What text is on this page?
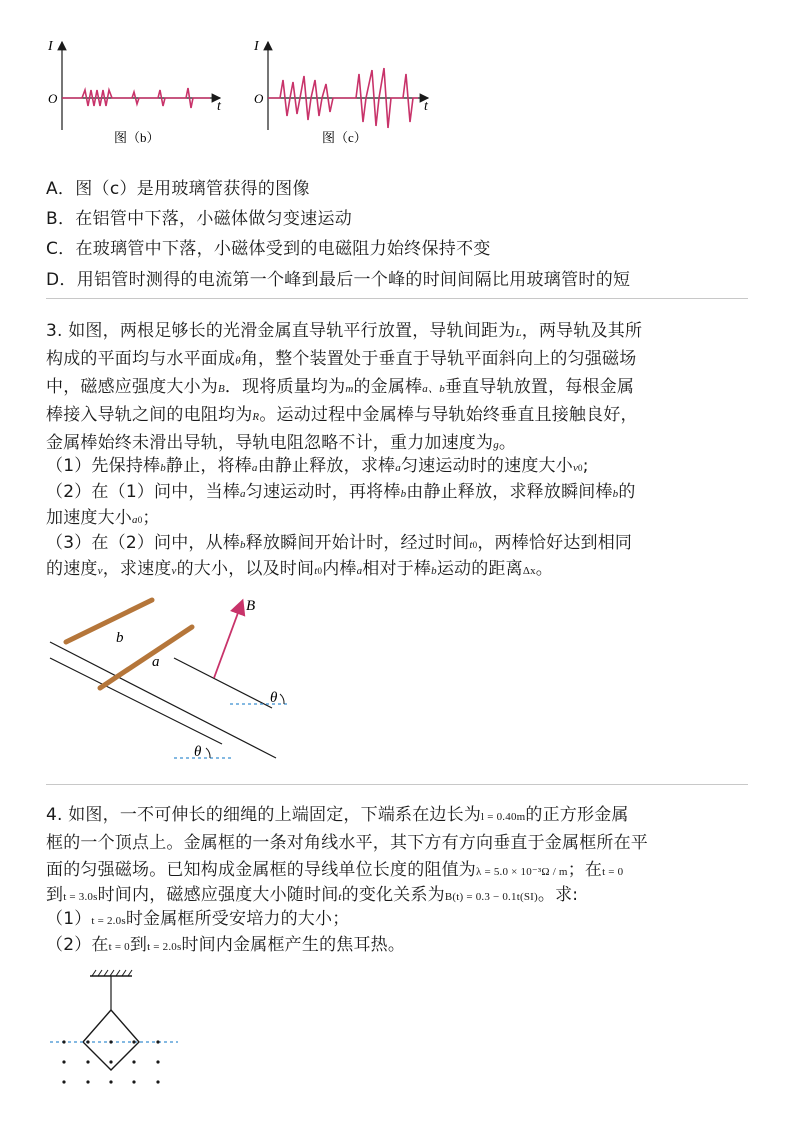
I
O
t
图（b）
I
O
t
图（c）
A．图（c）是用玻璃管获得的图像
B．在铝管中下落，小磁体做匀变速运动
C．在玻璃管中下落，小磁体受到的电磁阻力始终保持不变
D．用铝管时测得的电流第一个峰到最后一个峰的时间间隔比用玻璃管时的短
3. 如图，两根足够长的光滑金属直导轨平行放置，导轨间距为L，两导轨及其所
构成的平面均与水平面成θ角，整个装置处于垂直于导轨平面斜向上的匀强磁场
中，磁感应强度大小为B．现将质量均为m的金属棒a、b垂直导轨放置，每根金属
棒接入导轨之间的电阻均为R。运动过程中金属棒与导轨始终垂直且接触良好，
金属棒始终未滑出导轨，导轨电阻忽略不计，重力加速度为g。
（1）先保持棒b静止，将棒a由静止释放，求棒a匀速运动时的速度大小v0;
（2）在（1）问中，当棒a匀速运动时，再将棒b由静止释放，求释放瞬间棒b的
加速度大小a0；
（3）在（2）问中，从棒b释放瞬间开始计时，经过时间t0，两棒恰好达到相同
的速度v，求速度v的大小，以及时间t0内棒a相对于棒b运动的距离Δx。
b
a
B
θ
θ
4. 如图，一不可伸长的细绳的上端固定，下端系在边长为l = 0.40m的正方形金属
框的一个顶点上。金属框的一条对角线水平，其下方有方向垂直于金属框所在平
面的匀强磁场。已知构成金属框的导线单位长度的阻值为λ = 5.0 × 10⁻³Ω / m；在t = 0
到t = 3.0s时间内，磁感应强度大小随时间t的变化关系为B(t) = 0.3 − 0.1t(SI)。求:
（1）t = 2.0s时金属框所受安培力的大小；
（2）在t = 0到t = 2.0s时间内金属框产生的焦耳热。
